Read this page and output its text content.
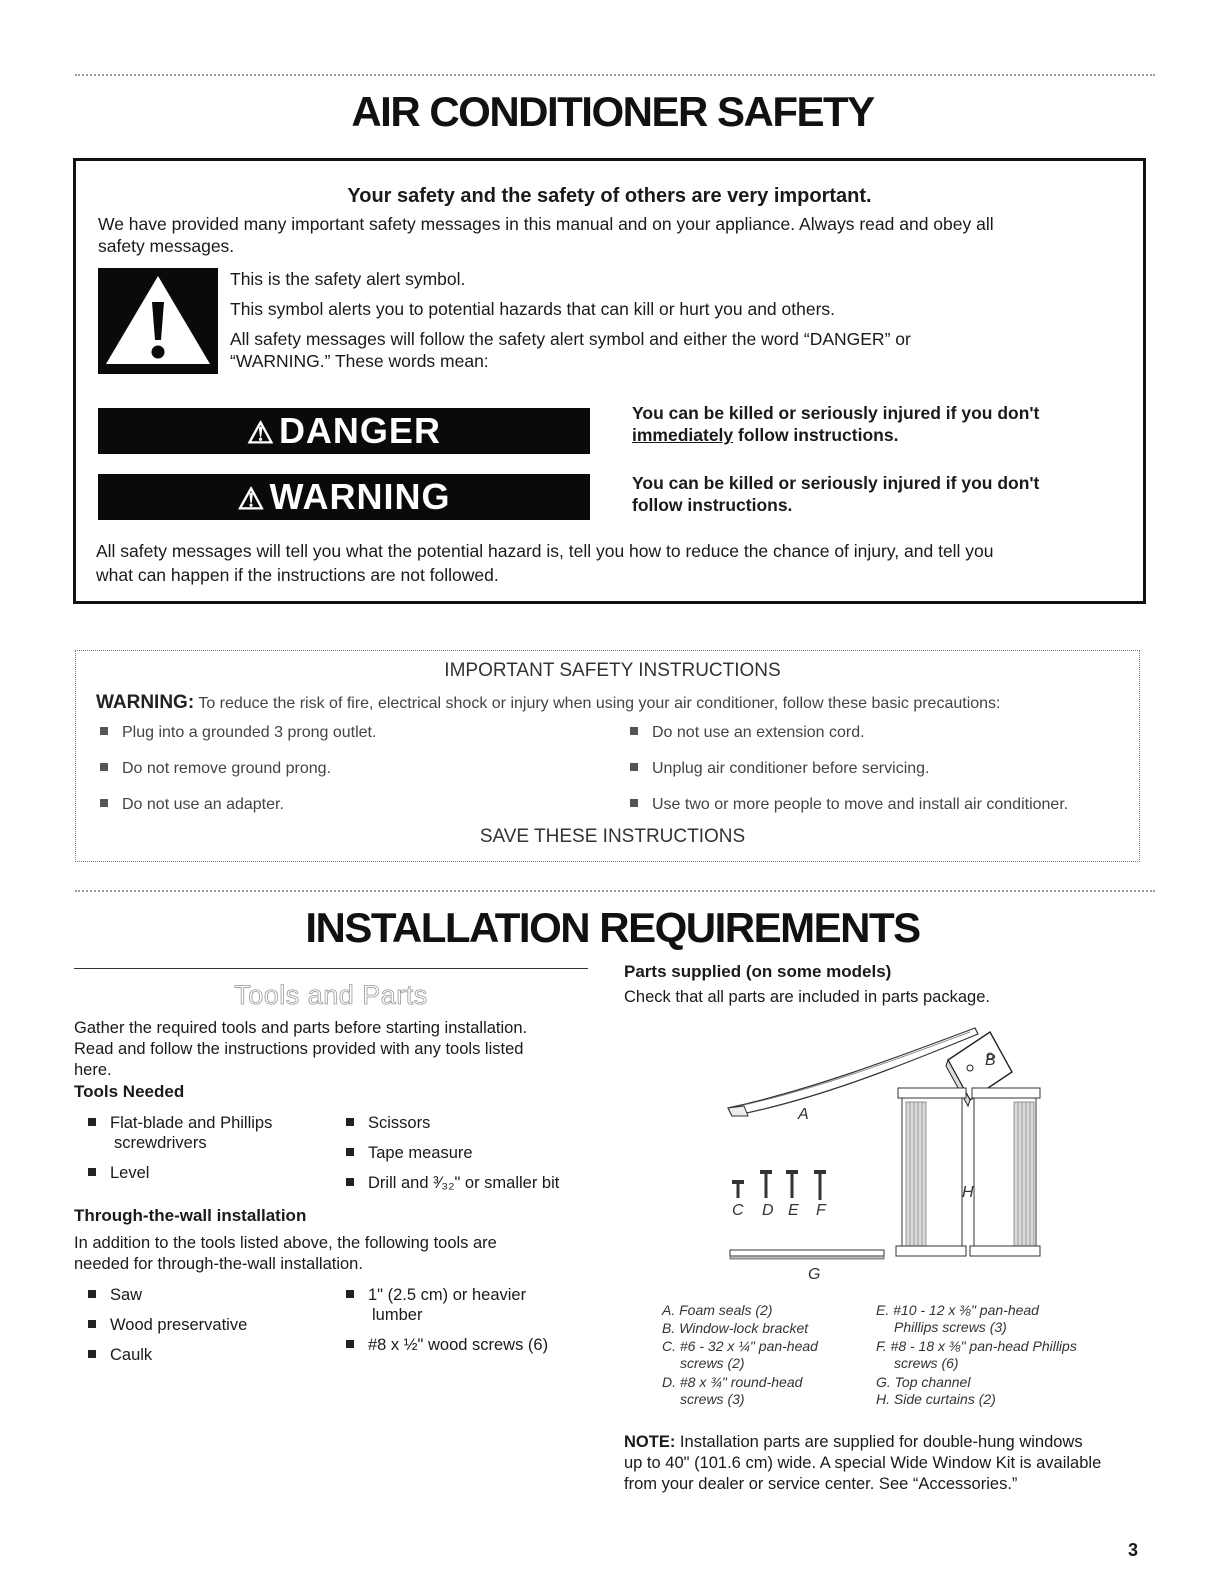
AIR CONDITIONER SAFETY
Your safety and the safety of others are very important.
We have provided many important safety messages in this manual and on your appliance. Always read and obey all
safety messages.
This is the safety alert symbol.
This symbol alerts you to potential hazards that can kill or hurt you and others.
All safety messages will follow the safety alert symbol and either the word “DANGER” or
“WARNING.” These words mean:
⚠ DANGER	You can be killed or seriously injured if you don't
immediately follow instructions.
⚠ WARNING	You can be killed or seriously injured if you don't
follow instructions.
All safety messages will tell you what the potential hazard is, tell you how to reduce the chance of injury, and tell you
what can happen if the instructions are not followed.
IMPORTANT SAFETY INSTRUCTIONS
WARNING: To reduce the risk of fire, electrical shock or injury when using your air conditioner, follow these basic precautions:
Plug into a grounded 3 prong outlet.
Do not remove ground prong.
Do not use an adapter.
Do not use an extension cord.
Unplug air conditioner before servicing.
Use two or more people to move and install air conditioner.
SAVE THESE INSTRUCTIONS
INSTALLATION REQUIREMENTS
Tools and Parts
Gather the required tools and parts before starting installation.
Read and follow the instructions provided with any tools listed
here.
Tools Needed
Flat-blade and Phillips
screwdrivers
Level
Scissors
Tape measure
Drill and ³⁄₃₂" or smaller bit
Through-the-wall installation
In addition to the tools listed above, the following tools are
needed for through-the-wall installation.
Saw
Wood preservative
Caulk
1" (2.5 cm) or heavier
lumber
#8 x ½" wood screws (6)
Parts supplied (on some models)
Check that all parts are included in parts package.
A
B
C D E F
G
H
A. Foam seals (2)
B. Window-lock bracket
C. #6 - 32 x ¼" pan-head
screws (2)
D. #8 x ¾" round-head
screws (3)
E. #10 - 12 x ⅜" pan-head
Phillips screws (3)
F. #8 - 18 x ⅜" pan-head Phillips
screws (6)
G. Top channel
H. Side curtains (2)
NOTE: Installation parts are supplied for double-hung windows
up to 40" (101.6 cm) wide. A special Wide Window Kit is available
from your dealer or service center. See “Accessories.”
3
